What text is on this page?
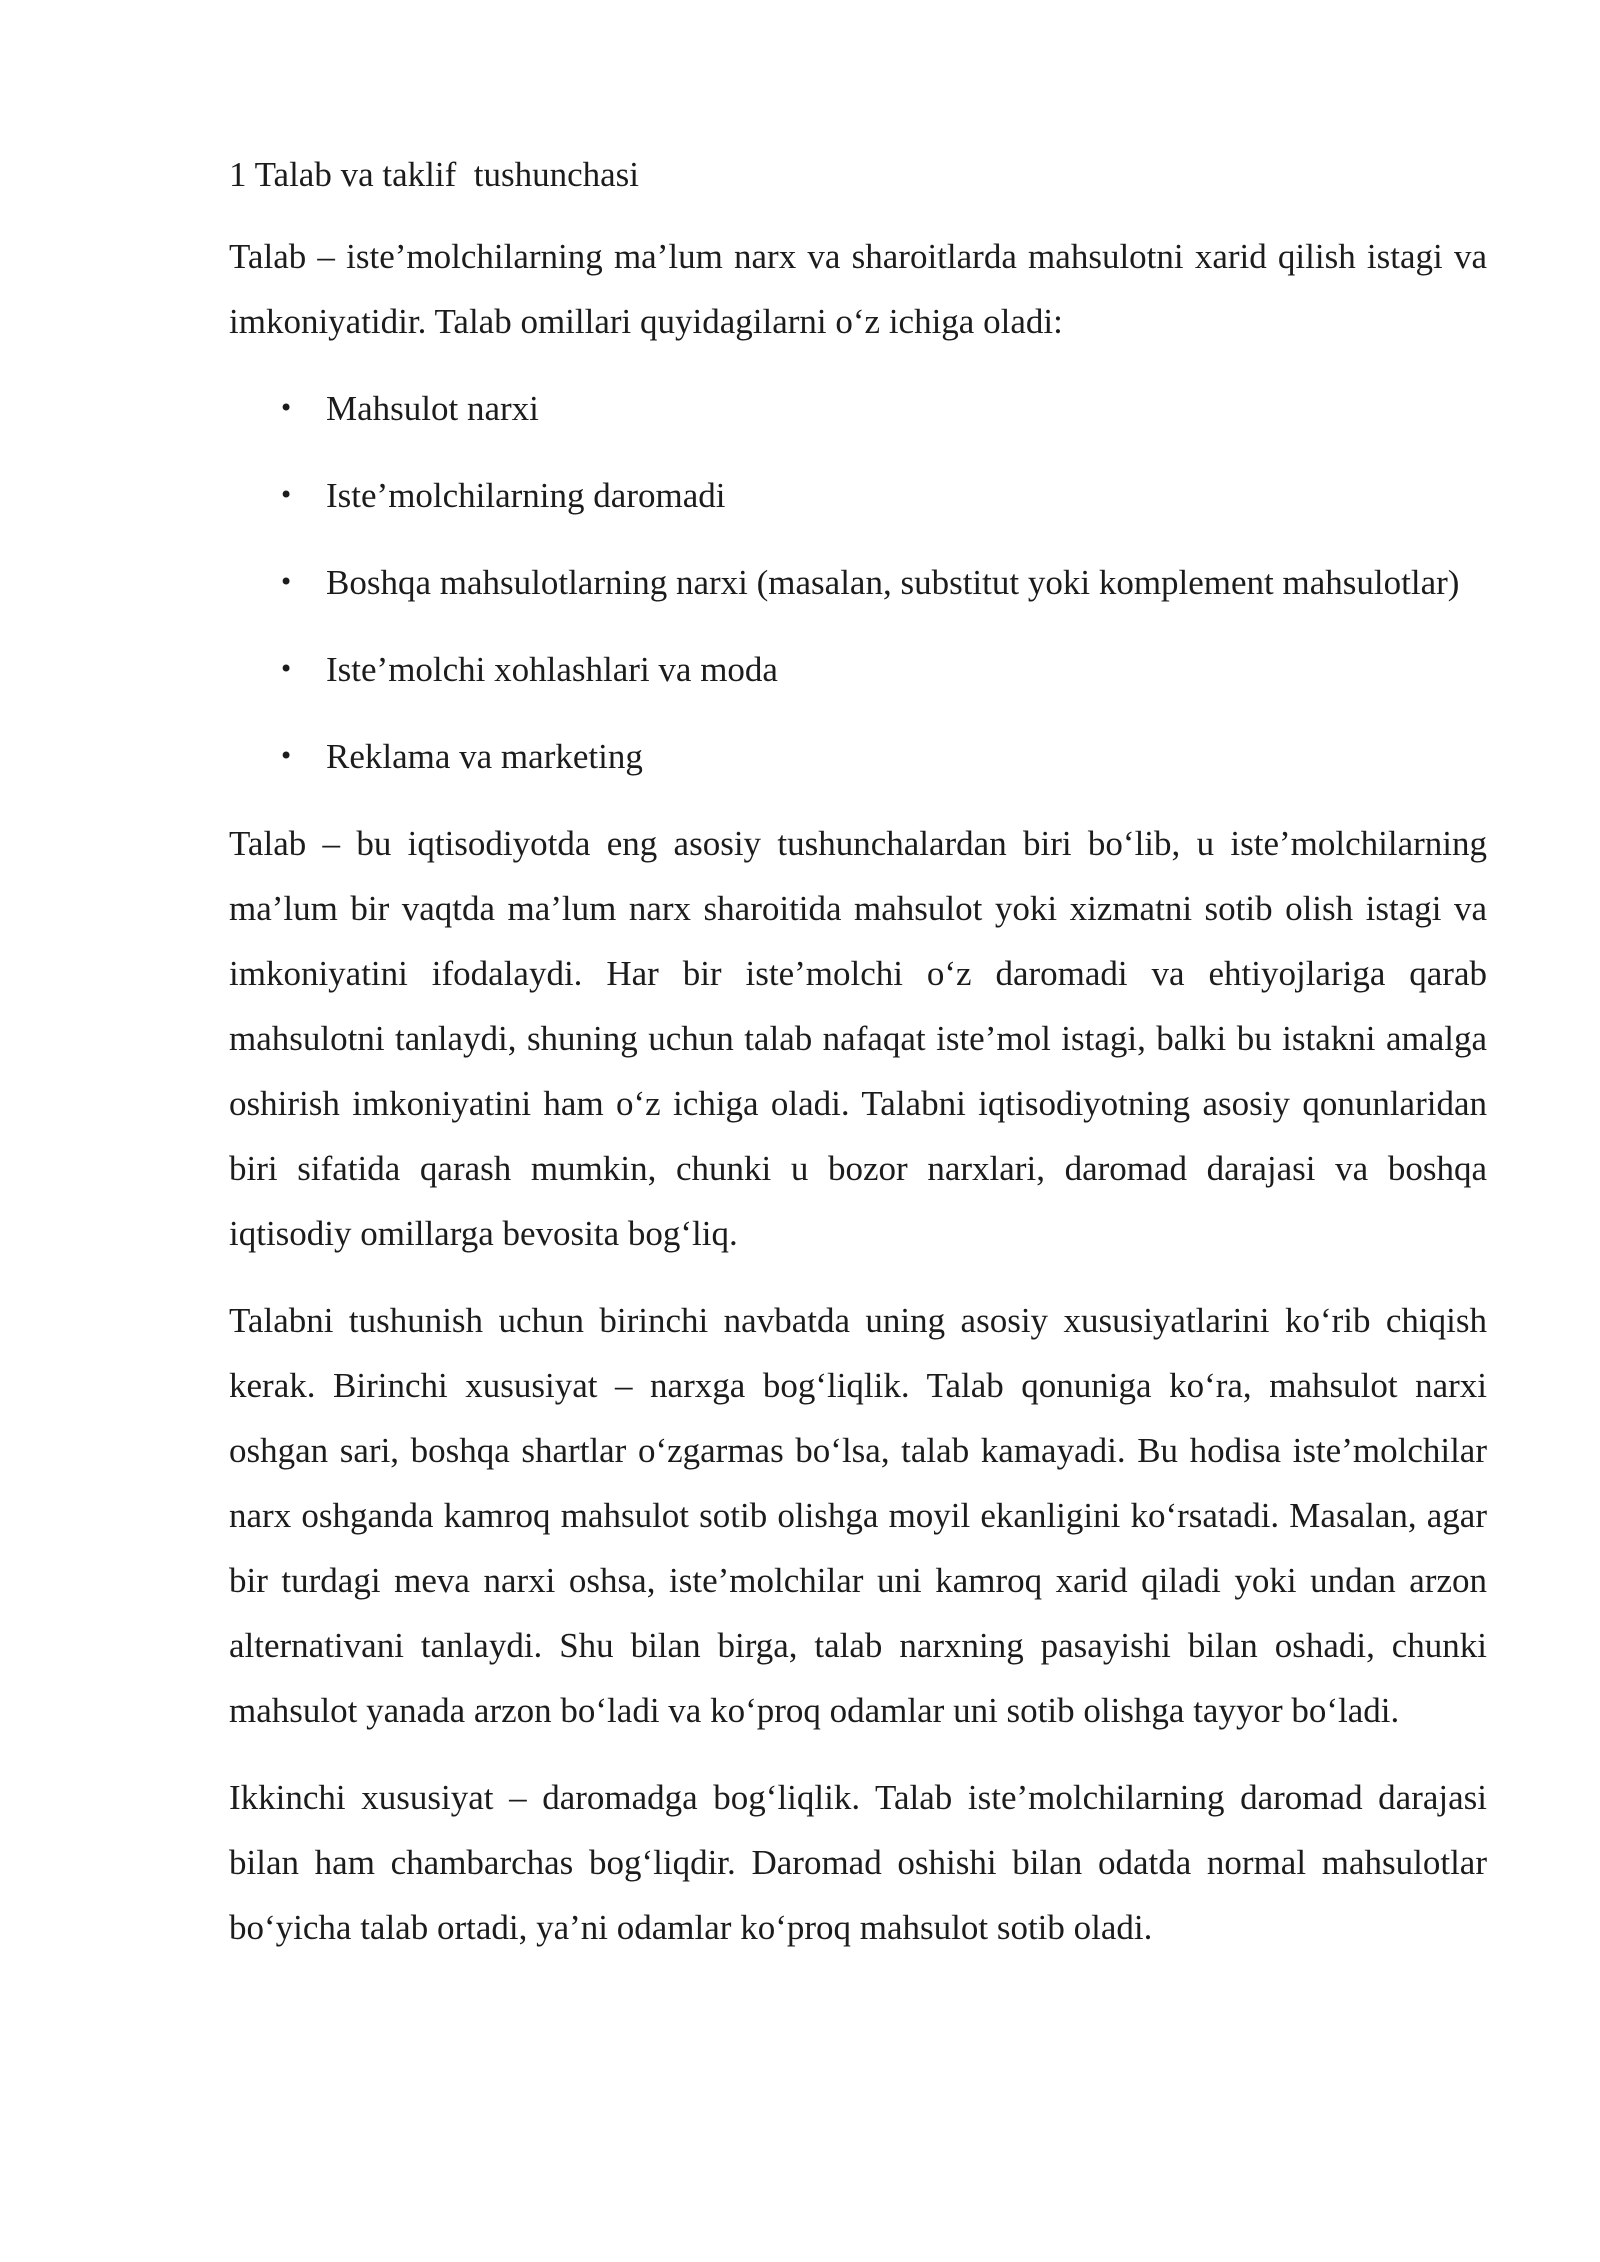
1 Talab va taklif  tushunchasi

Talab – iste’molchilarning ma’lum narx va sharoitlarda mahsulotni xarid qilish istagi va imkoniyatidir. Talab omillari quyidagilarni o‘z ichiga oladi:

• Mahsulot narxi
• Iste’molchilarning daromadi
• Boshqa mahsulotlarning narxi (masalan, substitut yoki komplement mahsulotlar)
• Iste’molchi xohlashlari va moda
• Reklama va marketing

Talab – bu iqtisodiyotda eng asosiy tushunchalardan biri bo‘lib, u iste’molchilarning ma’lum bir vaqtda ma’lum narx sharoitida mahsulot yoki xizmatni sotib olish istagi va imkoniyatini ifodalaydi. Har bir iste’molchi o‘z daromadi va ehtiyojlariga qarab mahsulotni tanlaydi, shuning uchun talab nafaqat iste’mol istagi, balki bu istakni amalga oshirish imkoniyatini ham o‘z ichiga oladi. Talabni iqtisodiyotning asosiy qonunlaridan biri sifatida qarash mumkin, chunki u bozor narxlari, daromad darajasi va boshqa iqtisodiy omillarga bevosita bog‘liq.

Talabni tushunish uchun birinchi navbatda uning asosiy xususiyatlarini ko‘rib chiqish kerak. Birinchi xususiyat – narxga bog‘liqlik. Talab qonuniga ko‘ra, mahsulot narxi oshgan sari, boshqa shartlar o‘zgarmas bo‘lsa, talab kamayadi. Bu hodisa iste’molchilar narx oshganda kamroq mahsulot sotib olishga moyil ekanligini ko‘rsatadi. Masalan, agar bir turdagi meva narxi oshsa, iste’molchilar uni kamroq xarid qiladi yoki undan arzon alternativani tanlaydi. Shu bilan birga, talab narxning pasayishi bilan oshadi, chunki mahsulot yanada arzon bo‘ladi va ko‘proq odamlar uni sotib olishga tayyor bo‘ladi.

Ikkinchi xususiyat – daromadga bog‘liqlik. Talab iste’molchilarning daromad darajasi bilan ham chambarchas bog‘liqdir. Daromad oshishi bilan odatda normal mahsulotlar bo‘yicha talab ortadi, ya’ni odamlar ko‘proq mahsulot sotib oladi.
